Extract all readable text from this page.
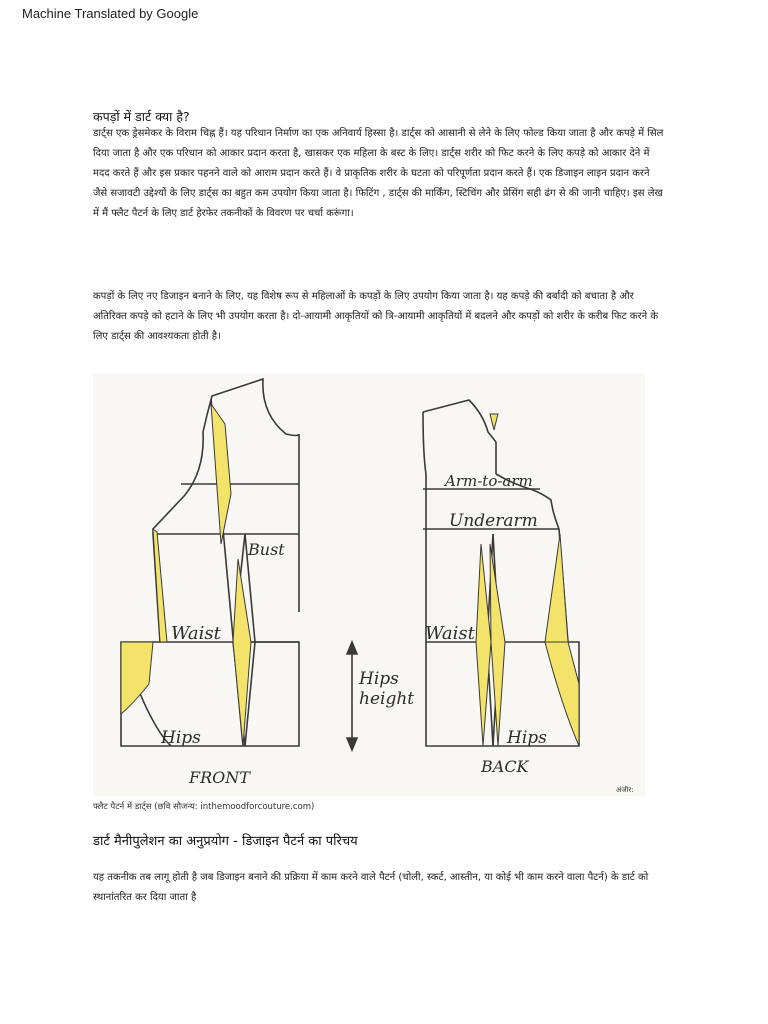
Machine Translated by Google
कपड़ों में डार्ट क्या है?
डार्ट्स एक ड्रेसमेकर के विराम चिह्न हैं। यह परिधान निर्माण का एक अनिवार्य हिस्सा है। डार्ट्स को आसानी से लेने के लिए फोल्ड किया जाता है और कपड़े में सिल दिया जाता है और एक परिधान को आकार प्रदान करता है, खासकर एक महिला के बस्ट के लिए। डार्ट्स शरीर को फिट करने के लिए कपड़े को आकार देने में मदद करते हैं और इस प्रकार पहनने वाले को आराम प्रदान करते हैं। वे प्राकृतिक शरीर के घटता को परिपूर्णता प्रदान करते हैं। एक डिजाइन लाइन प्रदान करने जैसे सजावटी उद्देश्यों के लिए डार्ट्स का बहुत कम उपयोग किया जाता है। फिटिंग , डार्ट्स की मार्किंग, स्टिचिंग और प्रेसिंग सही ढंग से की जानी चाहिए। इस लेख में मैं फ्लैट पैटर्न के लिए डार्ट हेरफेर तकनीकों के विवरण पर चर्चा करूंगा।
कपड़ों के लिए नए डिजाइन बनाने के लिए, यह विशेष रूप से महिलाओं के कपड़ों के लिए उपयोग किया जाता है। यह कपड़े की बर्बादी को बचाता है और अतिरिक्त कपड़े को हटाने के लिए भी उपयोग करता है। दो-आयामी आकृतियों को त्रि-आयामी आकृतियों में बदलने और कपड़ों को शरीर के करीब फिट करने के लिए डार्ट्स की आवश्यकता होती है।
Bust
Waist
Hips
FRONT
Hips
height
Arm-to-arm
Underarm
Waist
Hips
BACK
अंजीर:
फ्लैट पैटर्न में डार्ट्स (छवि सौजन्य: inthemoodforcouture.com)
डार्ट मैनीपुलेशन का अनुप्रयोग - डिजाइन पैटर्न का परिचय
यह तकनीक तब लागू होती है जब डिजाइन बनाने की प्रक्रिया में काम करने वाले पैटर्न (चोली, स्कर्ट, आस्तीन, या कोई भी काम करने वाला पैटर्न) के डार्ट को स्थानांतरित कर दिया जाता है
